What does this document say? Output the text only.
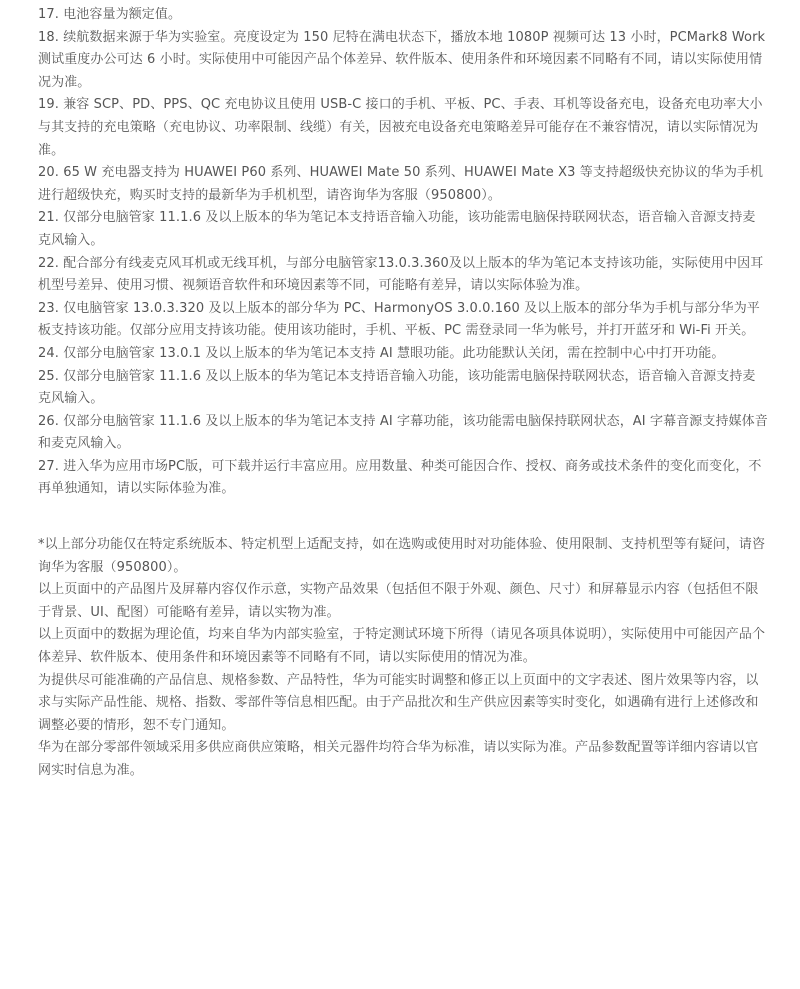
17. 电池容量为额定值。

18. 续航数据来源于华为实验室。亮度设定为 150 尼特在满电状态下，播放本地 1080P 视频可达 13 小时，PCMark8 Work 测试重度办公可达 6 小时。实际使用中可能因产品个体差异、软件版本、使用条件和环境因素不同略有不同，请以实际使用情况为准。

19. 兼容 SCP、PD、PPS、QC 充电协议且使用 USB-C 接口的手机、平板、PC、手表、耳机等设备充电，设备充电功率大小与其支持的充电策略（充电协议、功率限制、线缆）有关，因被充电设备充电策略差异可能存在不兼容情况，请以实际情况为准。

20. 65 W 充电器支持为 HUAWEI P60 系列、HUAWEI Mate 50 系列、HUAWEI Mate X3 等支持超级快充协议的华为手机进行超级快充，购买时支持的最新华为手机机型，请咨询华为客服（950800）。

21. 仅部分电脑管家 11.1.6 及以上版本的华为笔记本支持语音输入功能，该功能需电脑保持联网状态，语音输入音源支持麦克风输入。

22. 配合部分有线麦克风耳机或无线耳机，与部分电脑管家13.0.3.360及以上版本的华为笔记本支持该功能，实际使用中因耳机型号差异、使用习惯、视频语音软件和环境因素等不同，可能略有差异，请以实际体验为准。

23. 仅电脑管家 13.0.3.320 及以上版本的部分华为 PC、HarmonyOS 3.0.0.160 及以上版本的部分华为手机与部分华为平板支持该功能。仅部分应用支持该功能。使用该功能时，手机、平板、PC 需登录同一华为帐号，并打开蓝牙和 Wi-Fi 开关。

24. 仅部分电脑管家 13.0.1 及以上版本的华为笔记本支持 AI 慧眼功能。此功能默认关闭，需在控制中心中打开功能。

25. 仅部分电脑管家 11.1.6 及以上版本的华为笔记本支持语音输入功能，该功能需电脑保持联网状态，语音输入音源支持麦克风输入。

26. 仅部分电脑管家 11.1.6 及以上版本的华为笔记本支持 AI 字幕功能，该功能需电脑保持联网状态，AI 字幕音源支持媒体音和麦克风输入。

27. 进入华为应用市场PC版，可下载并运行丰富应用。应用数量、种类可能因合作、授权、商务或技术条件的变化而变化，不再单独通知，请以实际体验为准。

*以上部分功能仅在特定系统版本、特定机型上适配支持，如在选购或使用时对功能体验、使用限制、支持机型等有疑问，请咨询华为客服（950800）。

以上页面中的产品图片及屏幕内容仅作示意，实物产品效果（包括但不限于外观、颜色、尺寸）和屏幕显示内容（包括但不限于背景、UI、配图）可能略有差异，请以实物为准。

以上页面中的数据为理论值，均来自华为内部实验室，于特定测试环境下所得（请见各项具体说明），实际使用中可能因产品个体差异、软件版本、使用条件和环境因素等不同略有不同，请以实际使用的情况为准。

为提供尽可能准确的产品信息、规格参数、产品特性，华为可能实时调整和修正以上页面中的文字表述、图片效果等内容，以求与实际产品性能、规格、指数、零部件等信息相匹配。由于产品批次和生产供应因素等实时变化，如遇确有进行上述修改和调整必要的情形，恕不专门通知。

华为在部分零部件领域采用多供应商供应策略，相关元器件均符合华为标准，请以实际为准。产品参数配置等详细内容请以官网实时信息为准。
